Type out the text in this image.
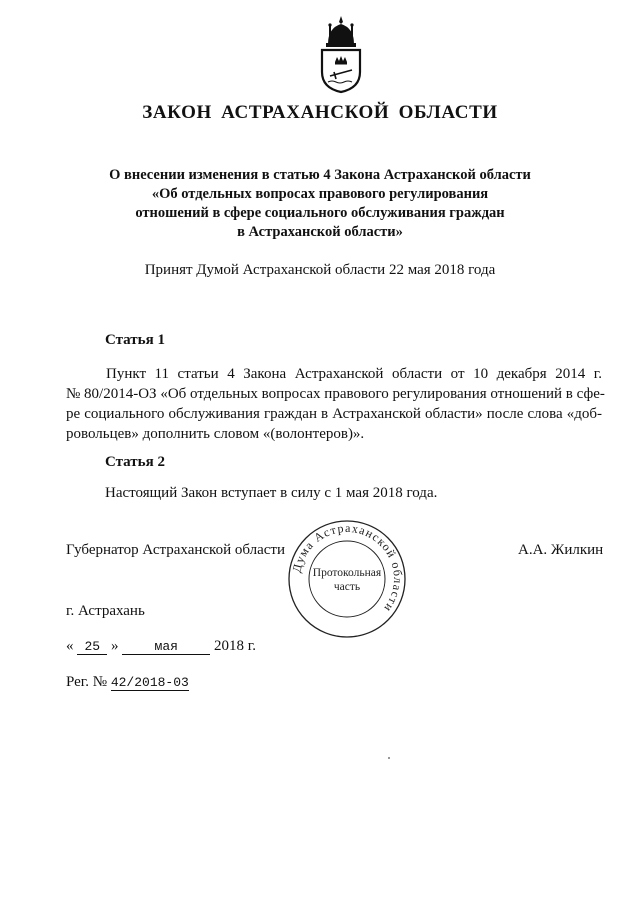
ЗАКОН АСТРАХАНСКОЙ ОБЛАСТИ
О внесении изменения в статью 4 Закона Астраханской области
«Об отдельных вопросах правового регулирования
отношений в сфере социального обслуживания граждан
в Астраханской области»
Принят Думой Астраханской области 22 мая 2018 года
Статья 1
Пункт 11 статьи 4 Закона Астраханской области от 10 декабря 2014 г.
№ 80/2014-ОЗ «Об отдельных вопросах правового регулирования отношений в сфе-
ре социального обслуживания граждан в Астраханской области» после слова «доб-
ровольцев» дополнить словом «(волонтеров)».
Статья 2
Настоящий Закон вступает в силу с 1 мая 2018 года.
Губернатор Астраханской области	А.А. Жилкин
Дума Астраханской области
Протокольная
часть
г. Астрахань
« 25 »	мая 2018 г.
Рег. № 42/2018-03
